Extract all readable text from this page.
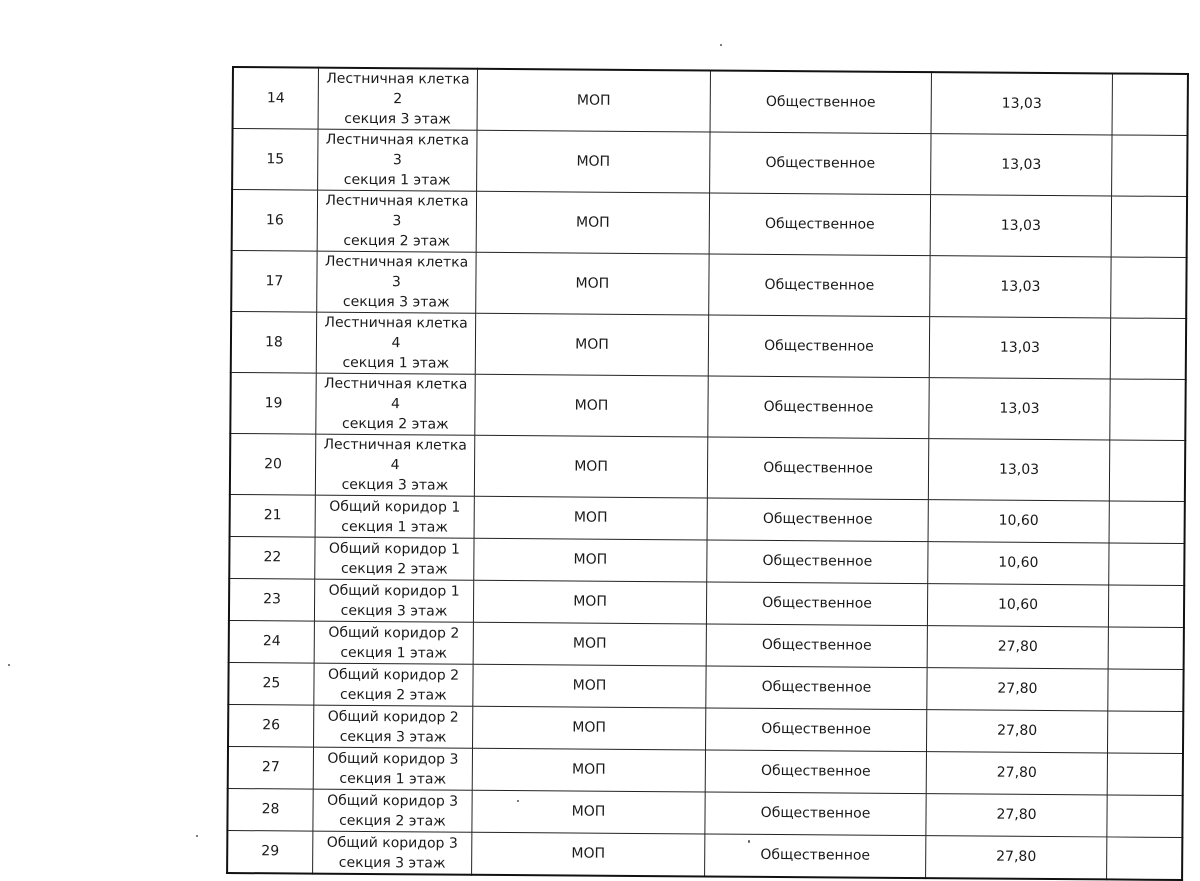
14	Лестничная клетка 2
секция 3 этаж	МОП	Общественное	13,03	
15	Лестничная клетка 3
секция 1 этаж	МОП	Общественное	13,03	
16	Лестничная клетка 3
секция 2 этаж	МОП	Общественное	13,03	
17	Лестничная клетка 3
секция 3 этаж	МОП	Общественное	13,03	
18	Лестничная клетка 4
секция 1 этаж	МОП	Общественное	13,03	
19	Лестничная клетка 4
секция 2 этаж	МОП	Общественное	13,03	
20	Лестничная клетка 4
секция 3 этаж	МОП	Общественное	13,03	
21	Общий коридор 1
секция 1 этаж	МОП	Общественное	10,60	
22	Общий коридор 1
секция 2 этаж	МОП	Общественное	10,60	
23	Общий коридор 1
секция 3 этаж	МОП	Общественное	10,60	
24	Общий коридор 2
секция 1 этаж	МОП	Общественное	27,80	
25	Общий коридор 2
секция 2 этаж	МОП	Общественное	27,80	
26	Общий коридор 2
секция 3 этаж	МОП	Общественное	27,80	
27	Общий коридор 3
секция 1 этаж	МОП	Общественное	27,80	
28	Общий коридор 3
секция 2 этаж	МОП	Общественное	27,80	
29	Общий коридор 3
секция 3 этаж	МОП	Общественное	27,80	
